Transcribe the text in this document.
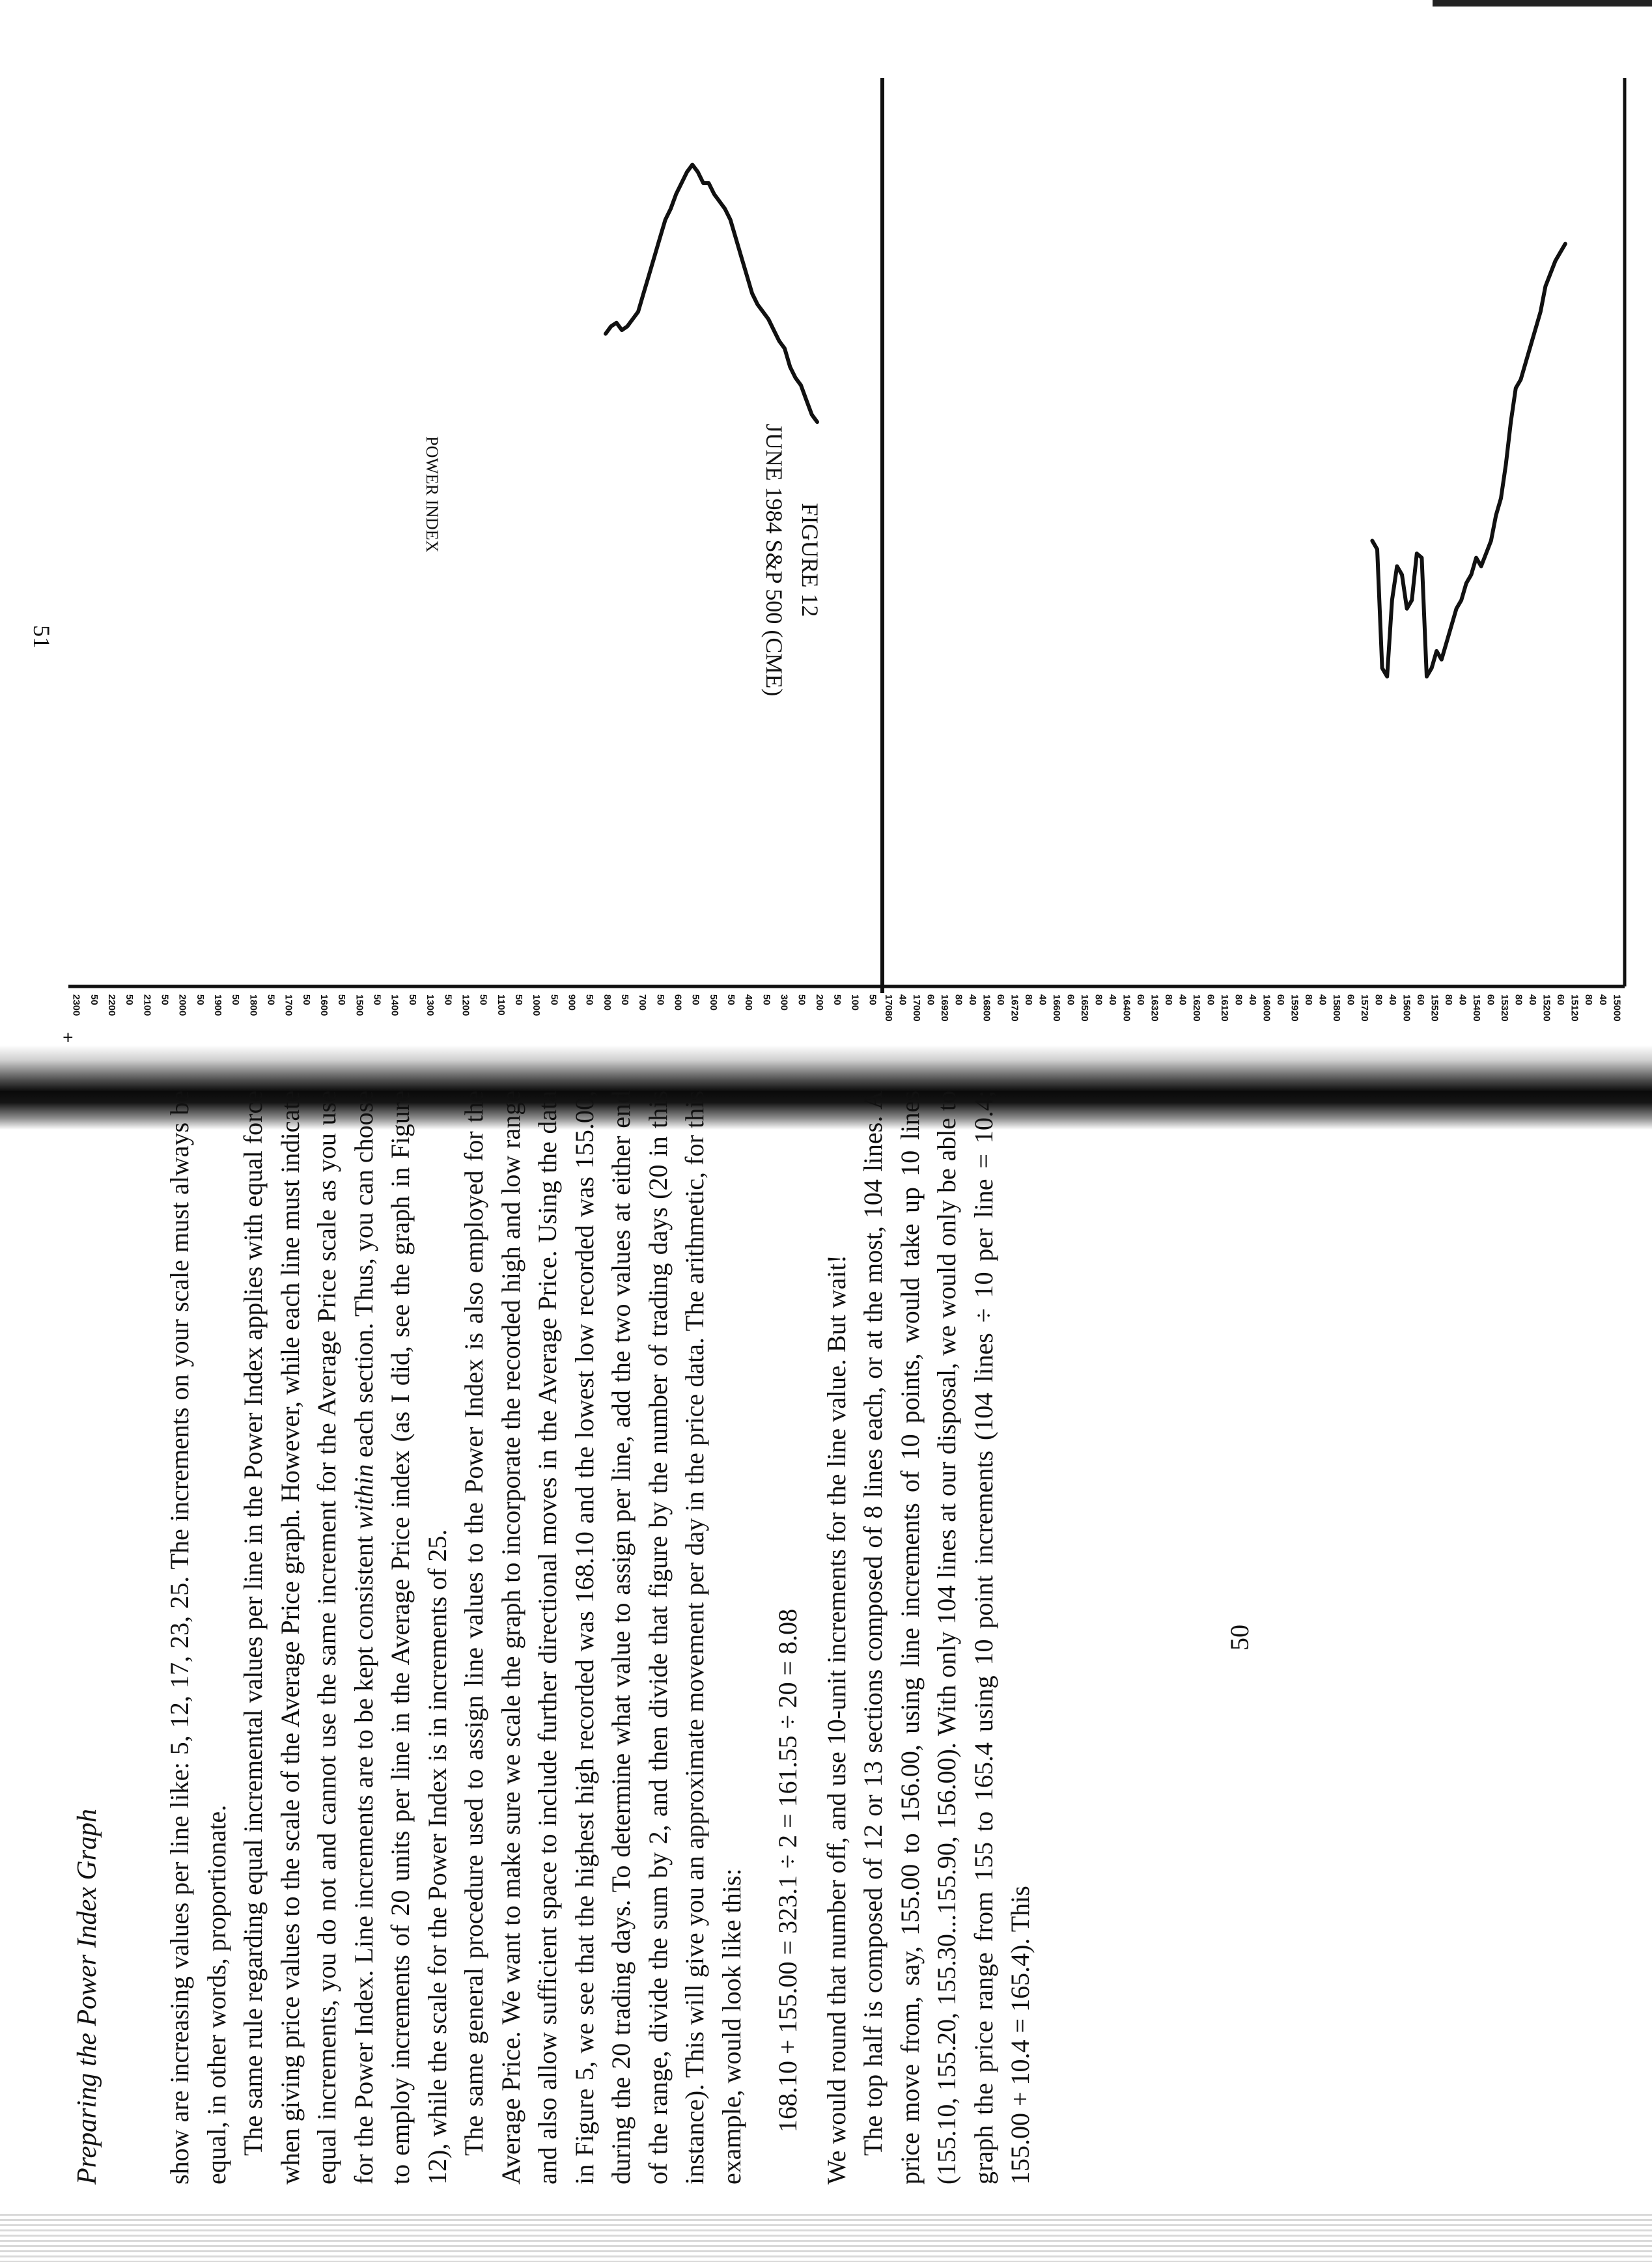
Preparing the Power Index Graph show are increasing values per line like: 5, 12, 17, 23, 25. The increments on your scale must always be equal, in other words, proportionate. The same rule regarding equal incremental values per line in the Power Index applies with equal force when giving price values to the scale of the Average Price graph. However, while each line must indicate equal increments, you do not and cannot use the same increment for the Average Price scale as you use for the Power Index. Line increments are to be kept consistent within each section. Thus, you can choose to employ increments of 20 units per line in the Average Price index (as I did, see the graph in Figure 12), while the scale for the Power Index is in increments of 25. The same general procedure used to assign line values to the Power Index is also employed for the Average Price. We want to make sure we scale the graph to incorporate the recorded high and low range and also allow sufficient space to include further directional moves in the Average Price. Using the data in Figure 5, we see that the highest high recorded was 168.10 and the lowest low recorded was 155.00, during the 20 trading days. To determine what value to assign per line, add the two values at either end of the range, divide the sum by 2, and then divide that figure by the number of trading days (20 in this instance). This will give you an approximate movement per day in the price data. The arithmetic, for this example, would look like this: 168.10 + 155.00 = 323.1 ÷ 2 = 161.55 ÷ 20 = 8.08 We would round that number off, and use 10-unit increments for the line value. But wait! The top half is composed of 12 or 13 sections composed of 8 lines each, or at the most, 104 lines. A price move from, say, 155.00 to 156.00, using line increments of 10 points, would take up 10 lines (155.10, 155.20, 155.30...155.90, 156.00). With only 104 lines at our disposal, we would only be able to graph the price range from 155 to 165.4 using 10 point increments (104 lines ÷ 10 per line = 10.4; 155.00 + 10.4 = 165.4). This

50
FIGURE 12
JUNE 1984 S&P 500 (CME)
17080 40 17000 60 16920 80 40 16800 60 16720 80 40 16600 60 16520 80 40 16400 60 16320 80 40 16200 60 16120 80 40 16000 60 15920 80 40 15800 60 15720 80 40 15600 60 15520 80 40 15400 60 15320 80 40 15200 60 15120 80 40 15000
2300 50 2200 50 2100 50 2000 50 1900 50 1800 50 1700 50 1600 50 1500 50 1400 50 1300 50 1200 50 1100 50 1000 50 900 50 800 50 700 50 600 50 500 50 400 50 300 50 200 50 100 50
POWER INDEX
+
51
